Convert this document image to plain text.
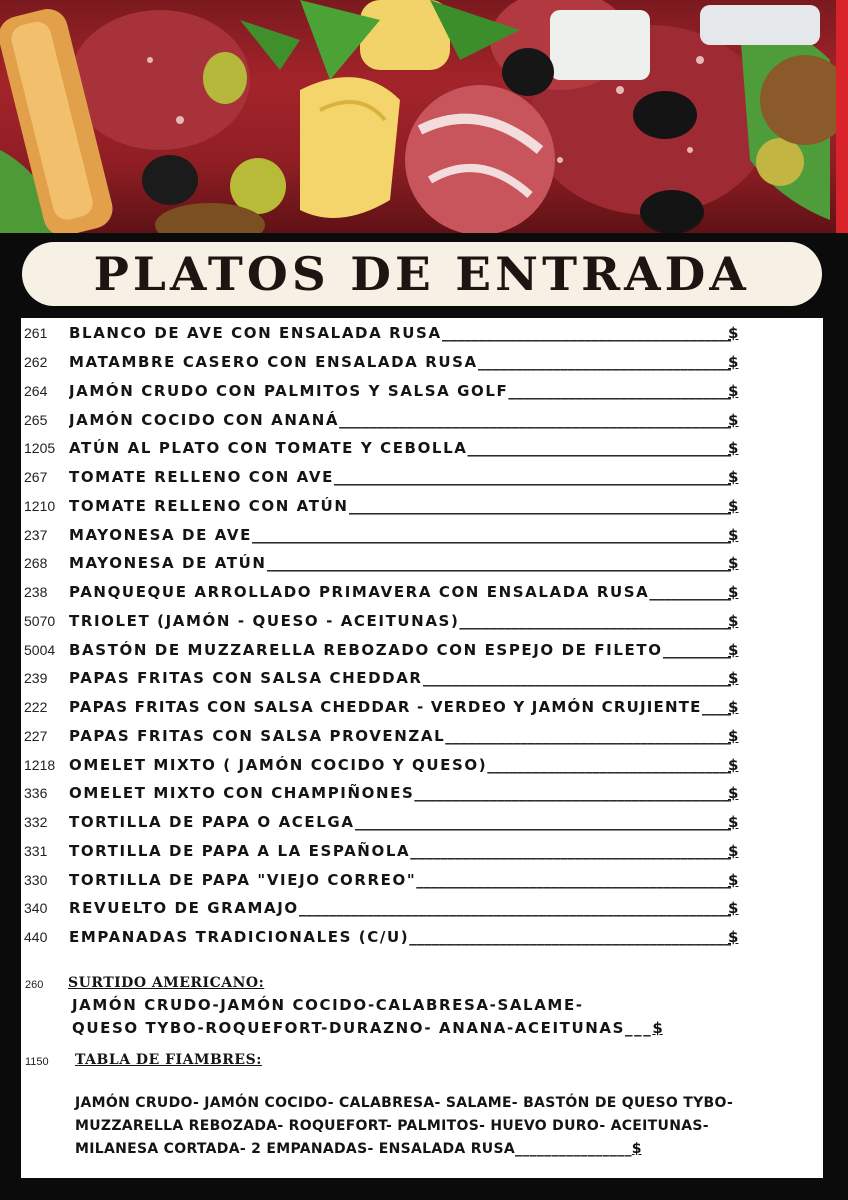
PLATOS DE ENTRADA
261	BLANCO DE AVE CON ENSALADA RUSA _____	$
262	MATAMBRE CASERO CON ENSALADA RUSA _____	$
264	JAMÓN CRUDO CON PALMITOS Y SALSA GOLF _____	$
265	JAMÓN COCIDO CON ANANÁ _____	$
1205 ATÚN AL PLATO CON TOMATE Y CEBOLLA _____	$
267	TOMATE RELLENO CON AVE _____	$
1210 TOMATE RELLENO CON ATÚN _____	$
237	MAYONESA DE AVE _____	$
268	MAYONESA DE ATÚN _____	$
238	PANQUEQUE ARROLLADO PRIMAVERA CON ENSALADA RUSA _____	$
5070 TRIOLET (JAMÓN - QUESO - ACEITUNAS) _____	$
5004 BASTÓN DE MUZZARELLA REBOZADO CON ESPEJO DE FILETO _____	$
239	PAPAS FRITAS CON SALSA CHEDDAR _____	$
222	PAPAS FRITAS CON SALSA CHEDDAR - VERDEO Y JAMÓN CRUJIENTE _____ $
227	PAPAS FRITAS CON SALSA PROVENZAL _____	$
1218 OMELET MIXTO ( JAMÓN COCIDO Y QUESO) _____	$
336	OMELET MIXTO CON CHAMPIÑONES _____	$
332	TORTILLA DE PAPA O ACELGA _____	$
331	TORTILLA DE PAPA A LA ESPAÑOLA _____	$
330	TORTILLA DE PAPA "VIEJO CORREO" _____	$
340	REVUELTO DE GRAMAJO _____	$
440	EMPANADAS TRADICIONALES (C/U) _____	$
260 SURTIDO AMERICANO:
JAMÓN CRUDO-JAMÓN COCIDO-CALABRESA-SALAME-
QUESO TYBO-ROQUEFORT-DURAZNO- ANANA-ACEITUNAS___$
1150 TABLA DE FIAMBRES:
JAMÓN CRUDO- JAMÓN COCIDO- CALABRESA- SALAME- BASTÓN DE QUESO TYBO-
MUZZARELLA REBOZADA- ROQUEFORT- PALMITOS- HUEVO DURO- ACEITUNAS-
MILANESA CORTADA- 2 EMPANADAS- ENSALADA RUSA________________$
